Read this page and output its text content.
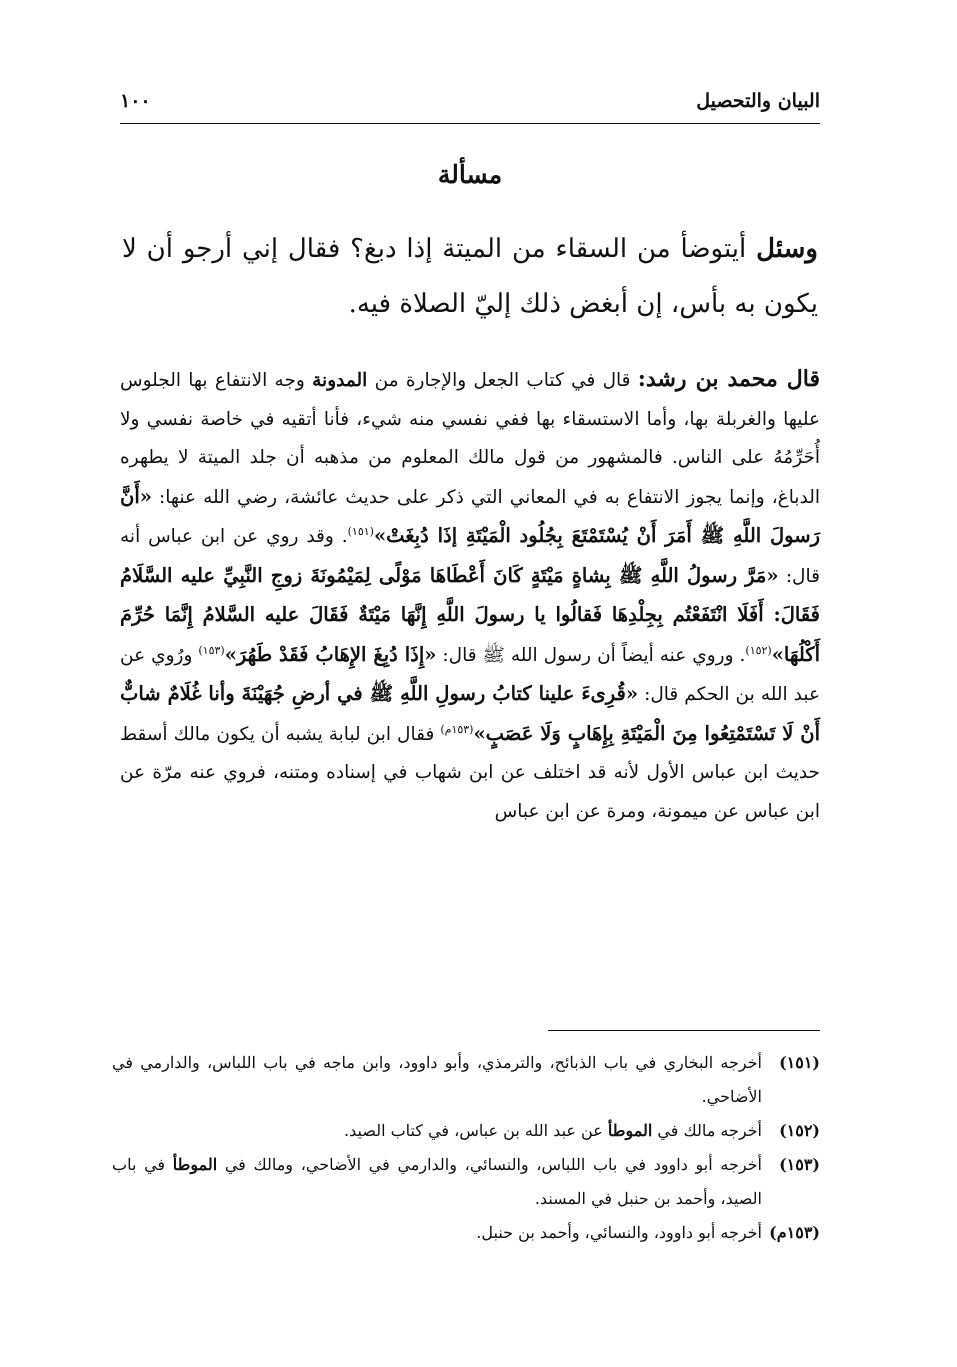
البيان والتحصيل
١٠٠
مسألة

وسئل أيتوضأ من السقاء من الميتة إذا دبغ؟ فقال إني أرجو أن لا يكون به بأس، إن أبغض ذلك إليّ الصلاة فيه.

قال محمد بن رشد: قال في كتاب الجعل والإجارة من المدونة وجه الانتفاع بها الجلوس عليها والغربلة بها، وأما الاستسقاء بها ففي نفسي منه شيء، فأنا أتقيه في خاصة نفسي ولا أُحَرِّمُهُ على الناس. فالمشهور من قول مالك المعلوم من مذهبه أن جلد الميتة لا يطهره الدباغ، وإنما يجوز الانتفاع به في المعاني التي ذكر على حديث عائشة، رضي الله عنها: «أَنَّ رَسولَ اللَّهِ ﷺ أَمَرَ أَنْ يُسْتَمْتَعَ بِجُلُود الْمَيْتَةِ إذَا دُبِغَتْ»$^{(١٥١)}$. وقد روي عن ابن عباس أنه قال: «مَرَّ رسولُ اللَّهِ ﷺ بِشاةٍ مَيْتَةٍ كَانَ أَعْطَاهَا مَوْلًى لِمَيْمُونَةَ زوجِ النَّبِيِّ عليه السَّلَامُ فَقَالَ: أَفَلَا انْتَفَعْتُم بِجِلْدِهَا فَقالُوا يا رسولَ اللَّهِ إِنَّهَا مَيْتَةٌ فَقَالَ عليه السَّلامُ إِنَّمَا حُرِّمَ أَكْلُهَا»$^{(١٥٢)}$. وروي عنه أيضاً أن رسول الله ﷺ قال: «إِذَا دُبِغَ الإِهَابُ فَقَدْ طَهُرَ»$^{(١٥٣)}$ ورُوي عن عبد الله بن الحكم قال: «قُرِىءَ علينا كتابُ رسولِ اللَّهِ ﷺ في أرضِ جُهَيْنَةَ وأنا غُلَامٌ شابٌّ أَنْ لَا تَسْتَمْتِعُوا مِنَ الْمَيْتَةِ بِإِهَابٍ وَلَا عَصَبٍ»$^{(١٥٣م)}$ فقال ابن لبابة يشبه أن يكون مالك أسقط حديث ابن عباس الأول لأنه قد اختلف عن ابن شهاب في إسناده ومتنه، فروي عنه مرّة عن ابن عباس عن ميمونة، ومرة عن ابن عباس

(١٥١)
أخرجه البخاري في باب الذبائح، والترمذي، وأبو داوود، وابن ماجه في باب اللباس، والدارمي في الأضاحي.
(١٥٢)
أخرجه مالك في الموطأ عن عبد الله بن عباس، في كتاب الصيد.
(١٥٣)
أخرجه أبو داوود في باب اللباس، والنسائي، والدارمي في الأضاحي، ومالك في الموطأ في باب الصيد، وأحمد بن حنبل في المسند.
(١٥٣م)
أخرجه أبو داوود، والنسائي، وأحمد بن حنبل.
